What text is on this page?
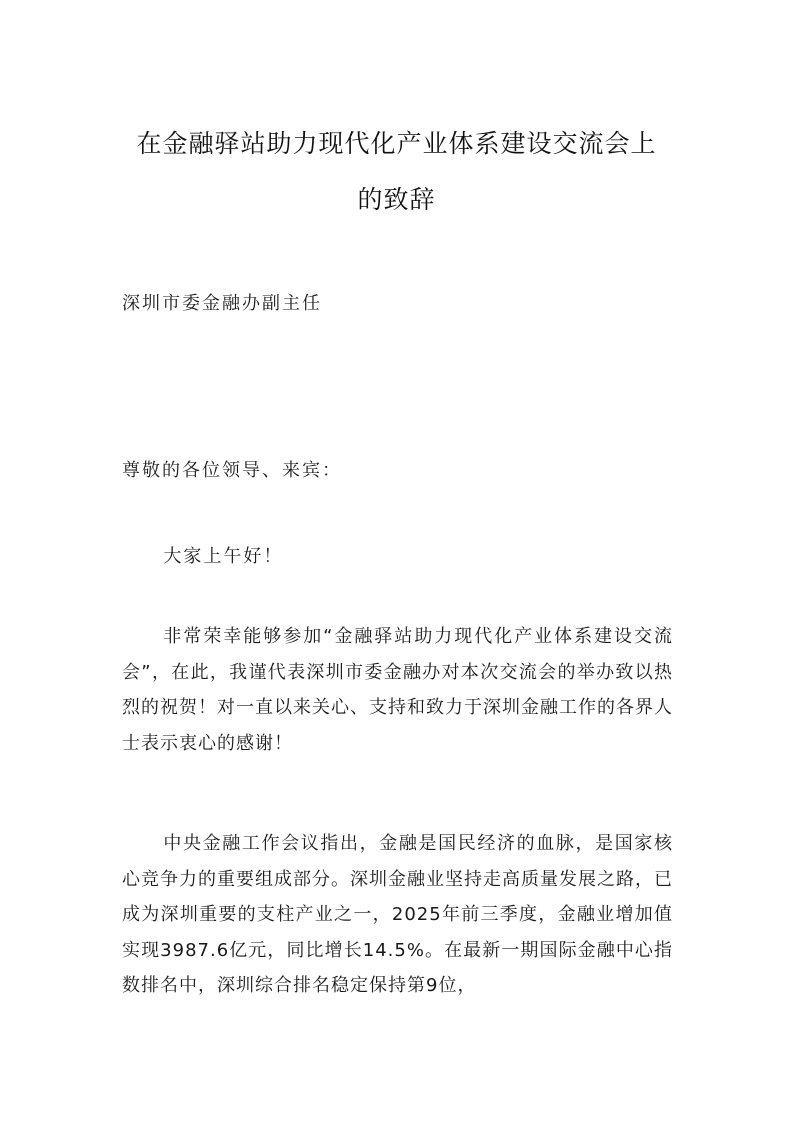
在金融驿站助力现代化产业体系建设交流会上
的致辞
深圳市委金融办副主任
尊敬的各位领导、来宾：
大家上午好！
非常荣幸能够参加“金融驿站助力现代化产业体系建设交流会”，在此，我谨代表深圳市委金融办对本次交流会的举办致以热烈的祝贺！对一直以来关心、支持和致力于深圳金融工作的各界人士表示衷心的感谢！
中央金融工作会议指出，金融是国民经济的血脉，是国家核心竞争力的重要组成部分。深圳金融业坚持走高质量发展之路，已成为深圳重要的支柱产业之一，2025年前三季度，金融业增加值实现3987.6亿元，同比增长14.5%。在最新一期国际金融中心指数排名中，深圳综合排名稳定保持第9位，
